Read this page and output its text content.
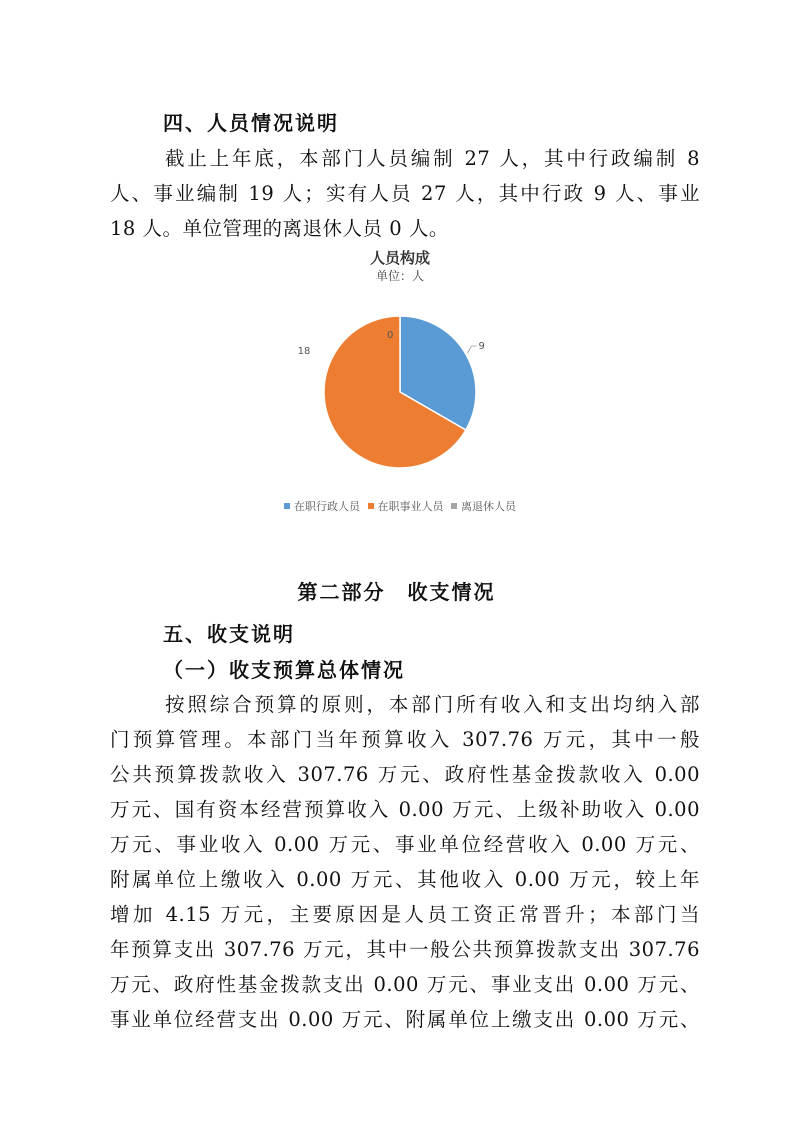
四、人员情况说明
截止上年底，本部门人员编制 27 人，其中行政编制 8
人、事业编制 19 人；实有人员 27 人，其中行政 9 人、事业
18 人。单位管理的离退休人员 0 人。
人员构成
单位：人
9
18
0
在职行政人员 在职事业人员 离退休人员
第二部分　收支情况
五、收支说明
（一）收支预算总体情况
按照综合预算的原则，本部门所有收入和支出均纳入部
门预算管理。本部门当年预算收入 307.76 万元，其中一般
公共预算拨款收入 307.76 万元、政府性基金拨款收入 0.00
万元、国有资本经营预算收入 0.00 万元、上级补助收入 0.00
万元、事业收入 0.00 万元、事业单位经营收入 0.00 万元、
附属单位上缴收入 0.00 万元、其他收入 0.00 万元，较上年
增加 4.15 万元，主要原因是人员工资正常晋升；本部门当
年预算支出 307.76 万元，其中一般公共预算拨款支出 307.76
万元、政府性基金拨款支出 0.00 万元、事业支出 0.00 万元、
事业单位经营支出 0.00 万元、附属单位上缴支出 0.00 万元、
